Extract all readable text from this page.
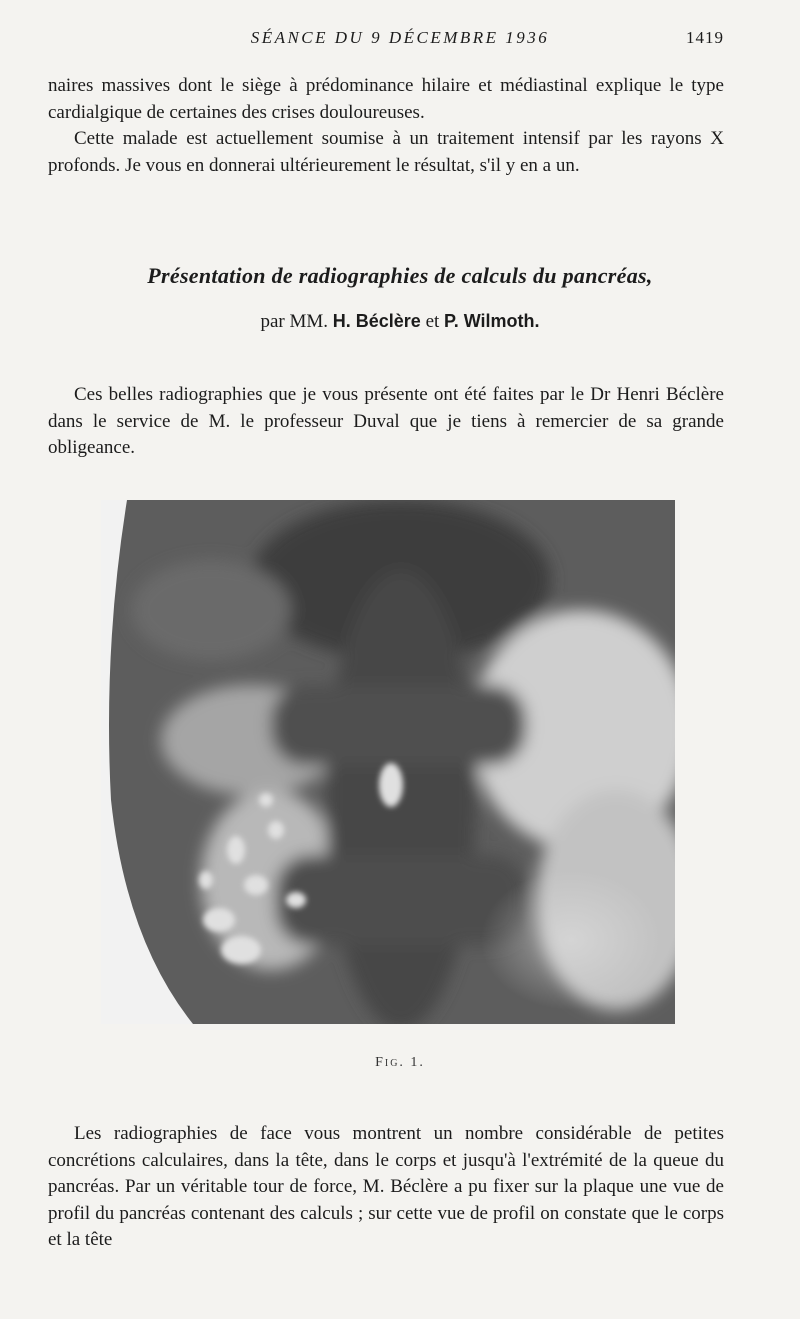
SÉANCE DU 9 DÉCEMBRE 1936	1419

naires massives dont le siège à prédominance hilaire et médiastinal explique le type cardialgique de certaines des crises douloureuses.

Cette malade est actuellement soumise à un traitement intensif par les rayons X profonds. Je vous en donnerai ultérieurement le résultat, s'il y en a un.

Présentation de radiographies de calculs du pancréas,
par MM. H. Béclère et P. Wilmoth.

Ces belles radiographies que je vous présente ont été faites par le Dr Henri Béclère dans le service de M. le professeur Duval que je tiens à remercier de sa grande obligeance.

Fig. 1.

Les radiographies de face vous montrent un nombre considérable de petites concrétions calculaires, dans la tête, dans le corps et jusqu'à l'extrémité de la queue du pancréas. Par un véritable tour de force, M. Béclère a pu fixer sur la plaque une vue de profil du pancréas contenant des calculs ; sur cette vue de profil on constate que le corps et la tête
